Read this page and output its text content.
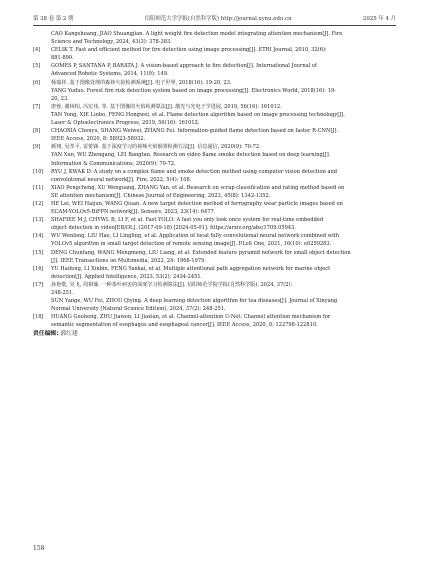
第 38 卷 第 2 期	信阳师范大学学报(自然科学版) http://journal.xynu.edu.cn	2025 年 4 月
CAO Kangshuang, JIAO Shuangjian. A light weight fire detection model integrating attention mechanism[J]. Fire
Science and Technology, 2024, 43(3): 378-383.
[4]	CELIK T. Fast and efficient method for fire detection using image processing[J]. ETRI Journal, 2010, 32(6):
881-890.
[5]	GOMES P, SANTANA P, BARATA J. A vision-based approach to fire detection[J]. International Journal of
Advanced Robotic Systems, 2014, 11(9): 149.
[6]	杨瑞祥. 基于图像处理的森林火险检测系统[J]. 电子世界, 2018(16): 19-20, 23.
YANG Yuduo. Forest fire risk detection system based on image processing[J]. Electronics World, 2018(16): 19-
20, 23.
[7]	唐蓉, 谢林柏, 冯宏伟, 等. 基于图像的火焰检测算法[J]. 激光与光电子学进展, 2019, 56(16): 161012.
TAN Yong, XIE Linbo, FENG Hongwei, et al. Flame detection algorithm based on image processing technology[J].
Laser & Optoelectronics Progress, 2019, 56(16): 161012.
[8]	CHAOXIA Chenyu, SHANG Weiwei, ZHANG Fei. Information-guided flame detection based on faster R-CNN[J].
IEEE Access, 2020, 8: 58923-58932.
[9]	颜翔, 吴孝平, 雷蕾锋. 基于深度学习的视频火焰烟雾检测方法[J]. 信息通信, 2020(9): 70-72.
YAN Xun, WU Zhengang, LEI Bangtan. Research on video flame smoke detection based on deep learning[J].
Information & Communications, 2020(9): 70-72.
[10]	RYU J, KWAK D. A study on a complex flame and smoke detection method using computer vision detection and
convolutional neural network[J]. Fire, 2022, 5(4): 108.
[11]	XIAO Pengcheng, XU Wenguang, ZHANG Yan, et al. Research on scrap classification and rating method based on
SE attention mechanism[J]. Chinese Journal of Engineering, 2023, 45(8): 1342-1352.
[12]	HE Lei, WEI Haijun, WANG Qiuan. A new target detection method of ferrography wear particle images based on
ECAM-YOLOv5-BiFPN network[J]. Sensors, 2023, 23(14): 6477.
[13]	SHAFIEE M J, CHYWL B, LI F, et al. Fast YOLO: A fast you only look once system for real-time embedded
object detection in video[EB/OL]. (2017-09-18) [2024-05-01]. https://arxiv.org/abs/1709.05943.
[14]	WU Wenlong, LIU Hao, LI Lingling, et al. Application of local fully convolutional neural network combined with
YOLOv5 algorithm in small target detection of remote sensing image[J]. PLoS One, 2021, 16(10): e0259283.
[15]	DENG Chunfang, WANG Mengmeng, LIU Liang, et al. Extended feature pyramid network for small object detection
[J]. IEEE Transactions on Multimedia, 2022, 24: 1968-1979.
[16]	YU Haifeng, LI Xinbin, FENG Yankai, et al. Multiple attentional path aggregation network for marine object
detection[J]. Applied Intelligence, 2023, 53(2): 2434-2451.
[17]	孙艳歌, 吴飞, 周祺瑜. 一种茶叶病害的深度学习检测算法[J]. 信阳师范学院学报(自然科学版), 2024, 37(2):
248-251.
SUN Yange, WU Fei, ZHOU Qiying. A deep learning detection algorithm for tea diseases[J]. Journal of Xinyang
Normal University (Natural Science Edition), 2024, 37(2): 248-251.
[18]	HUANG Guoheng, ZHU Jiawen, LI Jiaxian, et al. Channel-attention U-Net: Channel attention mechanism for
semantic segmentation of esophagus and esophageal cancer[J]. IEEE Access, 2020, 8: 122798-122810.
责任编辑: 郭红建
158
